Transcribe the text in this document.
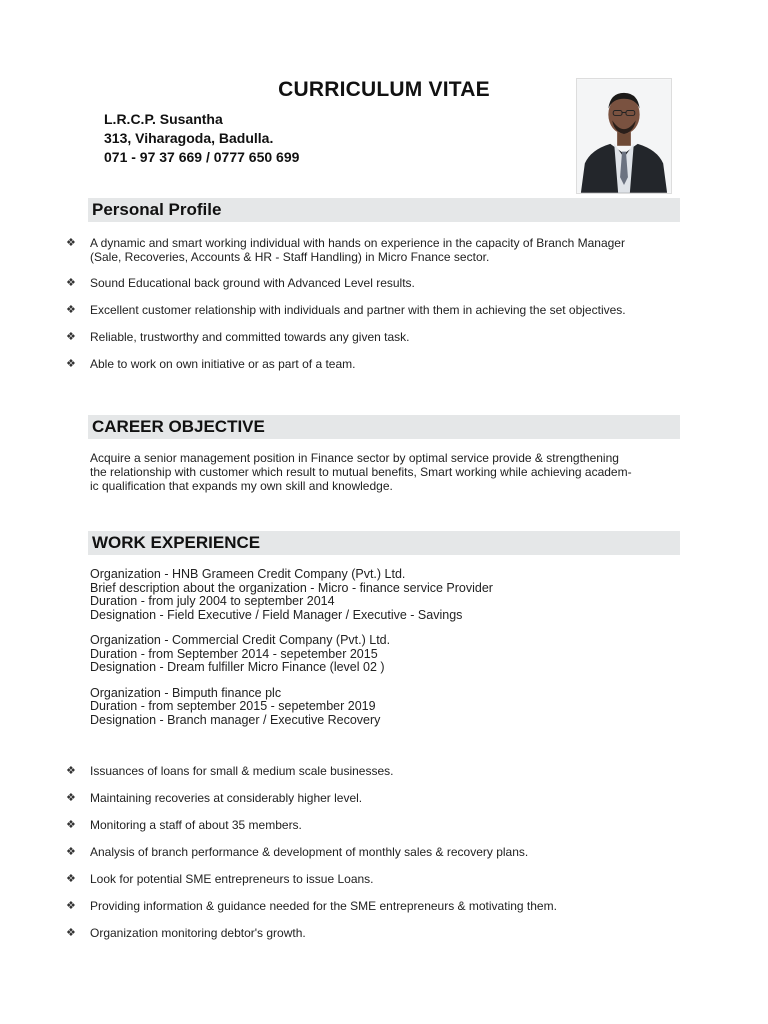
CURRICULUM VITAE
L.R.C.P. Susantha
313, Viharagoda, Badulla.
071 - 97 37 669 / 0777 650 699
Personal Profile
❖ A dynamic and smart working individual with hands on experience in the capacity of Branch Manager
(Sale, Recoveries, Accounts & HR - Staff Handling) in Micro Fnance sector.
❖ Sound Educational back ground with Advanced Level results.
❖ Excellent customer relationship with individuals and partner with them in achieving the set objectives.
❖ Reliable, trustworthy and committed towards any given task.
❖ Able to work on own initiative or as part of a team.
CAREER OBJECTIVE
Acquire a senior management position in Finance sector by optimal service provide & strengthening
the relationship with customer which result to mutual benefits, Smart working while achieving academ-
ic qualification that expands my own skill and knowledge.
WORK EXPERIENCE
Organization - HNB Grameen Credit Company (Pvt.) Ltd.
Brief description about the organization - Micro - finance service Provider
Duration - from july 2004 to september 2014
Designation - Field Executive / Field Manager / Executive - Savings
Organization - Commercial Credit Company (Pvt.) Ltd.
Duration - from September 2014 - sepetember 2015
Designation - Dream fulfiller Micro Finance (level 02 )
Organization - Bimputh finance plc
Duration - from september 2015 - sepetember 2019
Designation - Branch manager / Executive Recovery
❖ Issuances of loans for small & medium scale businesses.
❖ Maintaining recoveries at considerably higher level.
❖ Monitoring a staff of about 35 members.
❖ Analysis of branch performance & development of monthly sales & recovery plans.
❖ Look for potential SME entrepreneurs to issue Loans.
❖ Providing information & guidance needed for the SME entrepreneurs & motivating them.
❖ Organization monitoring debtor's growth.
